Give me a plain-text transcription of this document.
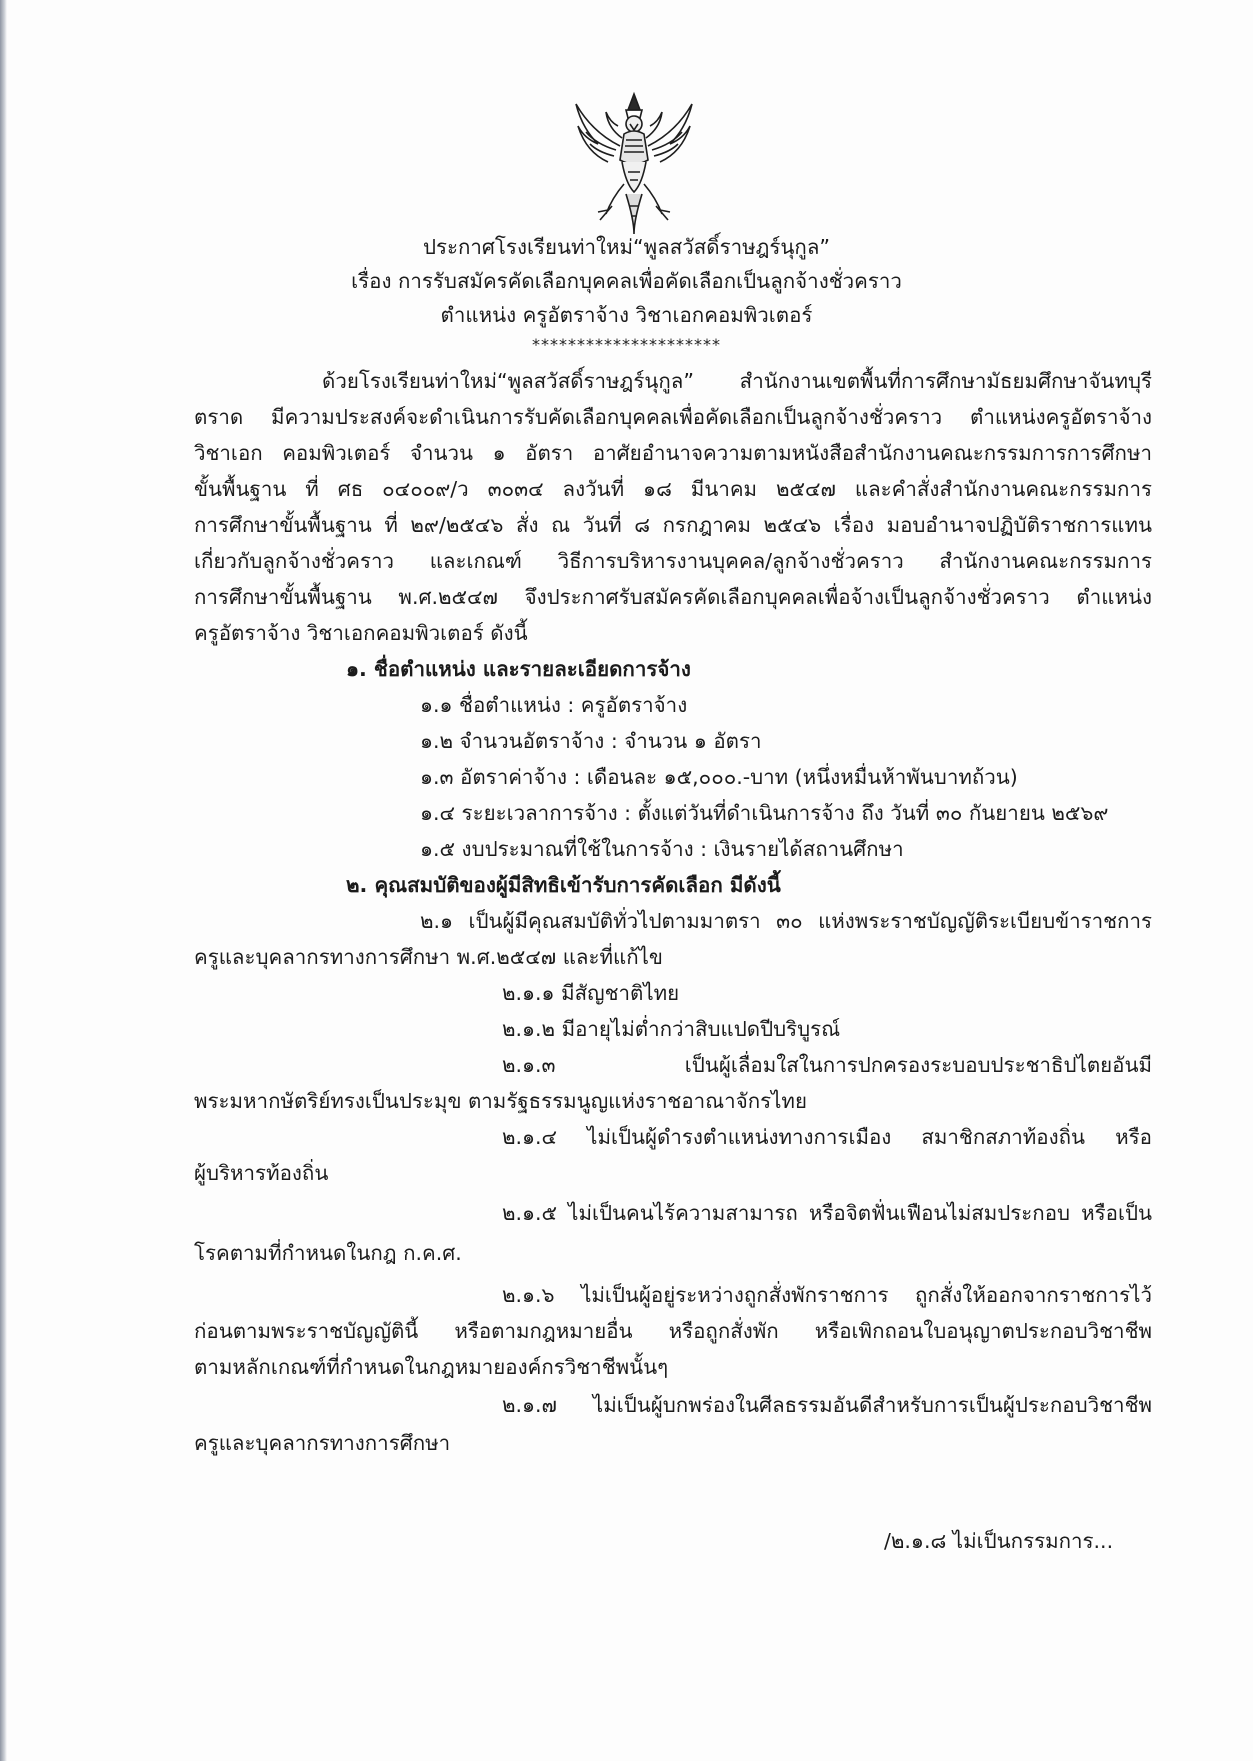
ประกาศโรงเรียนท่าใหม่“พูลสวัสดิ์ราษฎร์นุกูล”
เรื่อง การรับสมัครคัดเลือกบุคคลเพื่อคัดเลือกเป็นลูกจ้างชั่วคราว
ตำแหน่ง ครูอัตราจ้าง วิชาเอกคอมพิวเตอร์
*********************
ด้วยโรงเรียนท่าใหม่“พูลสวัสดิ์ราษฎร์นุกูล” สำนักงานเขตพื้นที่การศึกษามัธยมศึกษาจันทบุรี
ตราด มีความประสงค์จะดำเนินการรับคัดเลือกบุคคลเพื่อคัดเลือกเป็นลูกจ้างชั่วคราว ตำแหน่งครูอัตราจ้าง
วิชาเอก คอมพิวเตอร์ จำนวน ๑ อัตรา อาศัยอำนาจความตามหนังสือสำนักงานคณะกรรมการการศึกษา
ขั้นพื้นฐาน ที่ ศธ ๐๔๐๐๙/ว ๓๐๓๔ ลงวันที่ ๑๘ มีนาคม ๒๕๔๗ และคำสั่งสำนักงานคณะกรรมการ
การศึกษาขั้นพื้นฐาน ที่ ๒๙/๒๕๔๖ สั่ง ณ วันที่ ๘ กรกฎาคม ๒๕๔๖ เรื่อง มอบอำนาจปฏิบัติราชการแทน
เกี่ยวกับลูกจ้างชั่วคราว และเกณฑ์ วิธีการบริหารงานบุคคล/ลูกจ้างชั่วคราว สำนักงานคณะกรรมการ
การศึกษาขั้นพื้นฐาน พ.ศ.๒๕๔๗ จึงประกาศรับสมัครคัดเลือกบุคคลเพื่อจ้างเป็นลูกจ้างชั่วคราว ตำแหน่ง
ครูอัตราจ้าง วิชาเอกคอมพิวเตอร์ ดังนี้
๑. ชื่อตำแหน่ง และรายละเอียดการจ้าง
๑.๑ ชื่อตำแหน่ง : ครูอัตราจ้าง
๑.๒ จำนวนอัตราจ้าง : จำนวน ๑ อัตรา
๑.๓ อัตราค่าจ้าง : เดือนละ ๑๕,๐๐๐.-บาท (หนึ่งหมื่นห้าพันบาทถ้วน)
๑.๔ ระยะเวลาการจ้าง : ตั้งแต่วันที่ดำเนินการจ้าง ถึง วันที่ ๓๐ กันยายน ๒๕๖๙
๑.๕ งบประมาณที่ใช้ในการจ้าง : เงินรายได้สถานศึกษา
๒. คุณสมบัติของผู้มีสิทธิเข้ารับการคัดเลือก มีดังนี้
๒.๑ เป็นผู้มีคุณสมบัติทั่วไปตามมาตรา ๓๐ แห่งพระราชบัญญัติระเบียบข้าราชการ
ครูและบุคลากรทางการศึกษา พ.ศ.๒๕๔๗ และที่แก้ไข
๒.๑.๑ มีสัญชาติไทย
๒.๑.๒ มีอายุไม่ต่ำกว่าสิบแปดปีบริบูรณ์
๒.๑.๓ เป็นผู้เลื่อมใสในการปกครองระบอบประชาธิปไตยอันมี
พระมหากษัตริย์ทรงเป็นประมุข ตามรัฐธรรมนูญแห่งราชอาณาจักรไทย
๒.๑.๔ ไม่เป็นผู้ดำรงตำแหน่งทางการเมือง สมาชิกสภาท้องถิ่น หรือ
ผู้บริหารท้องถิ่น
๒.๑.๕ ไม่เป็นคนไร้ความสามารถ หรือจิตฟั่นเฟือนไม่สมประกอบ หรือเป็น
โรคตามที่กำหนดในกฎ ก.ค.ศ.
๒.๑.๖ ไม่เป็นผู้อยู่ระหว่างถูกสั่งพักราชการ ถูกสั่งให้ออกจากราชการไว้
ก่อนตามพระราชบัญญัตินี้ หรือตามกฎหมายอื่น หรือถูกสั่งพัก หรือเพิกถอนใบอนุญาตประกอบวิชาชีพ
ตามหลักเกณฑ์ที่กำหนดในกฎหมายองค์กรวิชาชีพนั้นๆ
๒.๑.๗ ไม่เป็นผู้บกพร่องในศีลธรรมอันดีสำหรับการเป็นผู้ประกอบวิชาชีพ
ครูและบุคลากรทางการศึกษา
/๒.๑.๘ ไม่เป็นกรรมการ...
